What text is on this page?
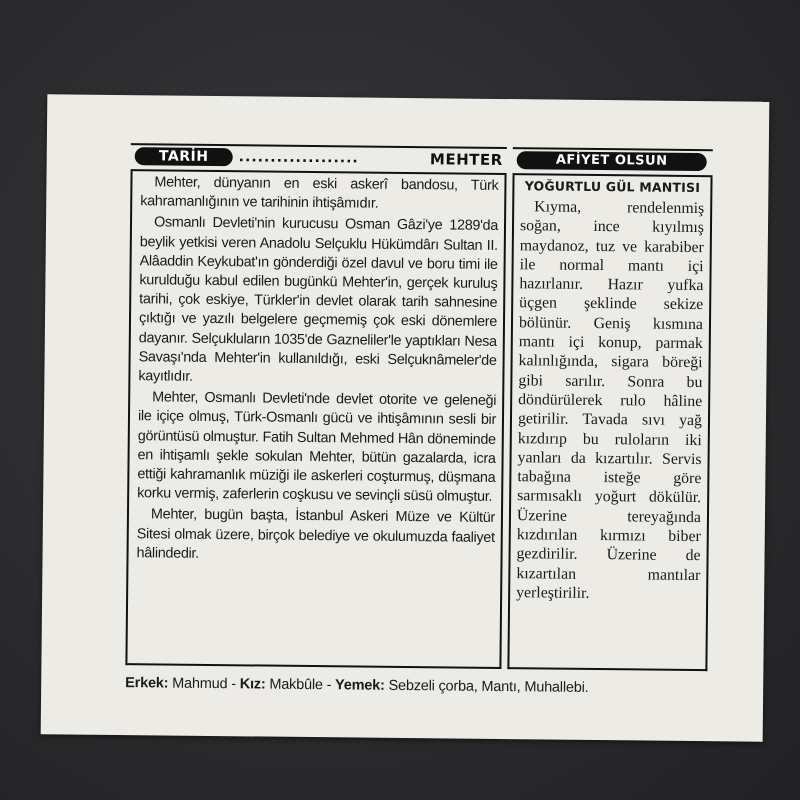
TARİH	...................	MEHTER	AFİYET OLSUN

Mehter, dünyanın en eski askerî bandosu, Türk kahramanlığının ve tarihinin ihtişâmıdır.

Osmanlı Devleti'nin kurucusu Osman Gâzi'ye 1289'da beylik yetkisi veren Anadolu Selçuklu Hükümdârı Sultan II. Alâaddin Keykubat'ın gönderdiği özel davul ve boru timi ile kurulduğu kabul edilen bugünkü Mehter'in, gerçek kuruluş tarihi, çok eskiye, Türkler'in devlet olarak tarih sahnesine çıktığı ve yazılı belgelere geçmemiş çok eski dönemlere dayanır. Selçukluların 1035'de Gazneliler'le yaptıkları Nesa Savaşı'nda Mehter'in kullanıldığı, eski Selçuknâmeler'de kayıtlıdır.

Mehter, Osmanlı Devleti'nde devlet otorite ve geleneği ile içiçe olmuş, Türk-Osmanlı gücü ve ihtişâmının sesli bir görüntüsü olmuştur. Fatih Sultan Mehmed Hân döneminde en ihtişamlı şekle sokulan Mehter, bütün gazalarda, icra ettiği kahramanlık müziği ile askerleri coşturmuş, düşmana korku vermiş, zaferlerin coşkusu ve sevinçli süsü olmuştur.

Mehter, bugün başta, İstanbul Askeri Müze ve Kültür Sitesi olmak üzere, birçok belediye ve okulumuzda faaliyet hâlindedir.

YOĞURTLU GÜL MANTISI

Kıyma, rendelenmiş soğan, ince kıyılmış maydanoz, tuz ve karabiber ile normal mantı içi hazırlanır. Hazır yufka üçgen şeklinde sekize bölünür. Geniş kısmına mantı içi konup, parmak kalınlığında, sigara böreği gibi sarılır. Sonra bu döndürülerek rulo hâline getirilir. Tavada sıvı yağ kızdırıp bu ruloların iki yanları da kızartılır. Servis tabağına isteğe göre sarmısaklı yoğurt dökülür. Üzerine tereyağında kızdırılan kırmızı biber gezdirilir. Üzerine de kızartılan mantılar yerleştirilir.

Erkek: Mahmud - Kız: Makbûle - Yemek: Sebzeli çorba, Mantı, Muhallebi.
